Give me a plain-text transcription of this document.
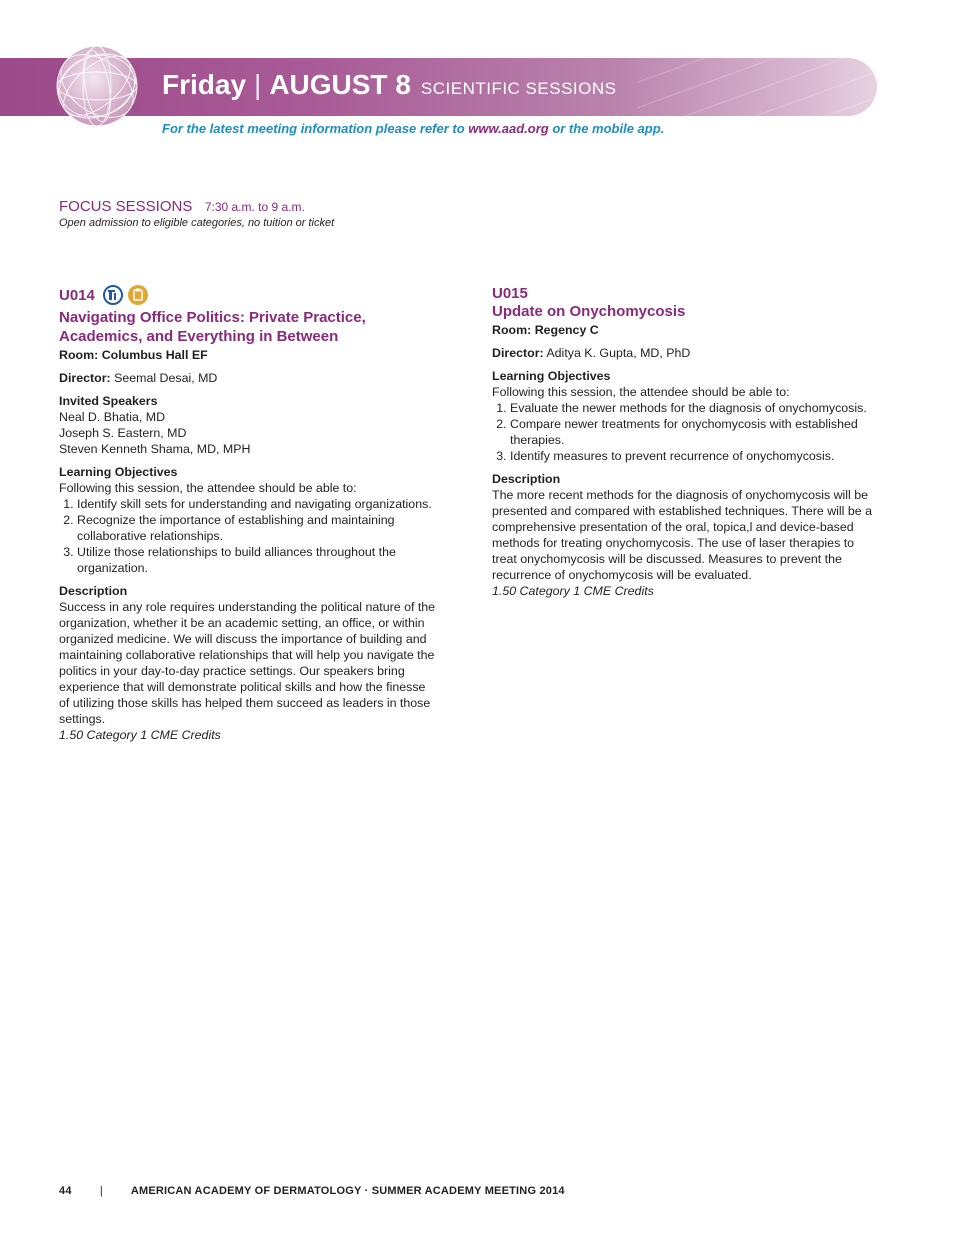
Friday | AUGUST 8 SCIENTIFIC SESSIONS
For the latest meeting information please refer to www.aad.org or the mobile app.
FOCUS SESSIONS 7:30 a.m. to 9 a.m.
Open admission to eligible categories, no tuition or ticket
U014
Navigating Office Politics: Private Practice,
Academics, and Everything in Between
Room: Columbus Hall EF
Director: Seemal Desai, MD
Invited Speakers
Neal D. Bhatia, MD
Joseph S. Eastern, MD
Steven Kenneth Shama, MD, MPH
Learning Objectives
Following this session, the attendee should be able to:
1. Identify skill sets for understanding and navigating organizations.
2. Recognize the importance of establishing and maintaining collaborative relationships.
3. Utilize those relationships to build alliances throughout the organization.
Description
Success in any role requires understanding the political nature of the organization, whether it be an academic setting, an office, or within organized medicine. We will discuss the importance of building and maintaining collaborative relationships that will help you navigate the politics in your day-to-day practice settings. Our speakers bring experience that will demonstrate political skills and how the finesse of utilizing those skills has helped them succeed as leaders in those settings.
1.50 Category 1 CME Credits
U015
Update on Onychomycosis
Room: Regency C
Director: Aditya K. Gupta, MD, PhD
Learning Objectives
Following this session, the attendee should be able to:
1. Evaluate the newer methods for the diagnosis of onychomycosis.
2. Compare newer treatments for onychomycosis with established therapies.
3. Identify measures to prevent recurrence of onychomycosis.
Description
The more recent methods for the diagnosis of onychomycosis will be presented and compared with established techniques. There will be a comprehensive presentation of the oral, topica,l and device-based methods for treating onychomycosis. The use of laser therapies to treat onychomycosis will be discussed. Measures to prevent the recurrence of onychomycosis will be evaluated.
1.50 Category 1 CME Credits
44	|	AMERICAN ACADEMY OF DERMATOLOGY · SUMMER ACADEMY MEETING 2014
